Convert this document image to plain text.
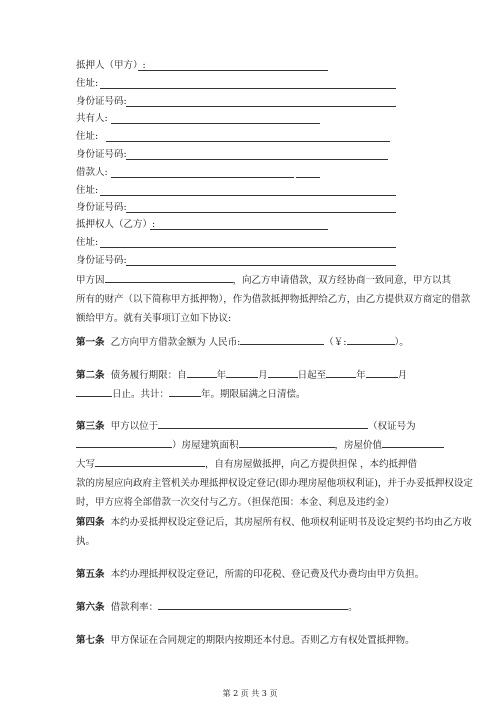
抵押人（甲方）:
住址:
身份证号码:
共有人:
住址:
身份证号码:
借款人:
住址:
身份证号码:
抵押权人（乙方）:
住址:
身份证号码:
甲方因	，向乙方申请借款，双方经协商一致同意，甲方以其
所有的财产（以下简称甲方抵押物），作为借款抵押物抵押给乙方，由乙方提供双方商定的借款
额给甲方。就有关事项订立如下协议:
第一条 乙方向甲方借款金额为 人民币:	（￥:	）。
第二条 债务履行期限：自	年	月	日起至	年	月
日止。共计：	年。期限届满之日清偿。
第三条 甲方以位于	（权证号为
）房屋建筑面积	，房屋价值
大写	，自有房屋做抵押，向乙方提供担保 ，本约抵押借
款的房屋应向政府主管机关办理抵押权设定登记(即办理房屋他项权利证)，并于办妥抵押权设定
时，甲方应将全部借款一次交付与乙方。（担保范围：本金、利息及违约金）
第四条 本约办妥抵押权设定登记后，其房屋所有权、他项权利证明书及设定契约书均由乙方收
执。
第五条 本约办理抵押权设定登记，所需的印花税、登记费及代办费均由甲方负担。
第六条 借款利率：	。
第七条 甲方保证在合同规定的期限内按期还本付息。否则乙方有权处置抵押物。
第 2 页 共 3 页
